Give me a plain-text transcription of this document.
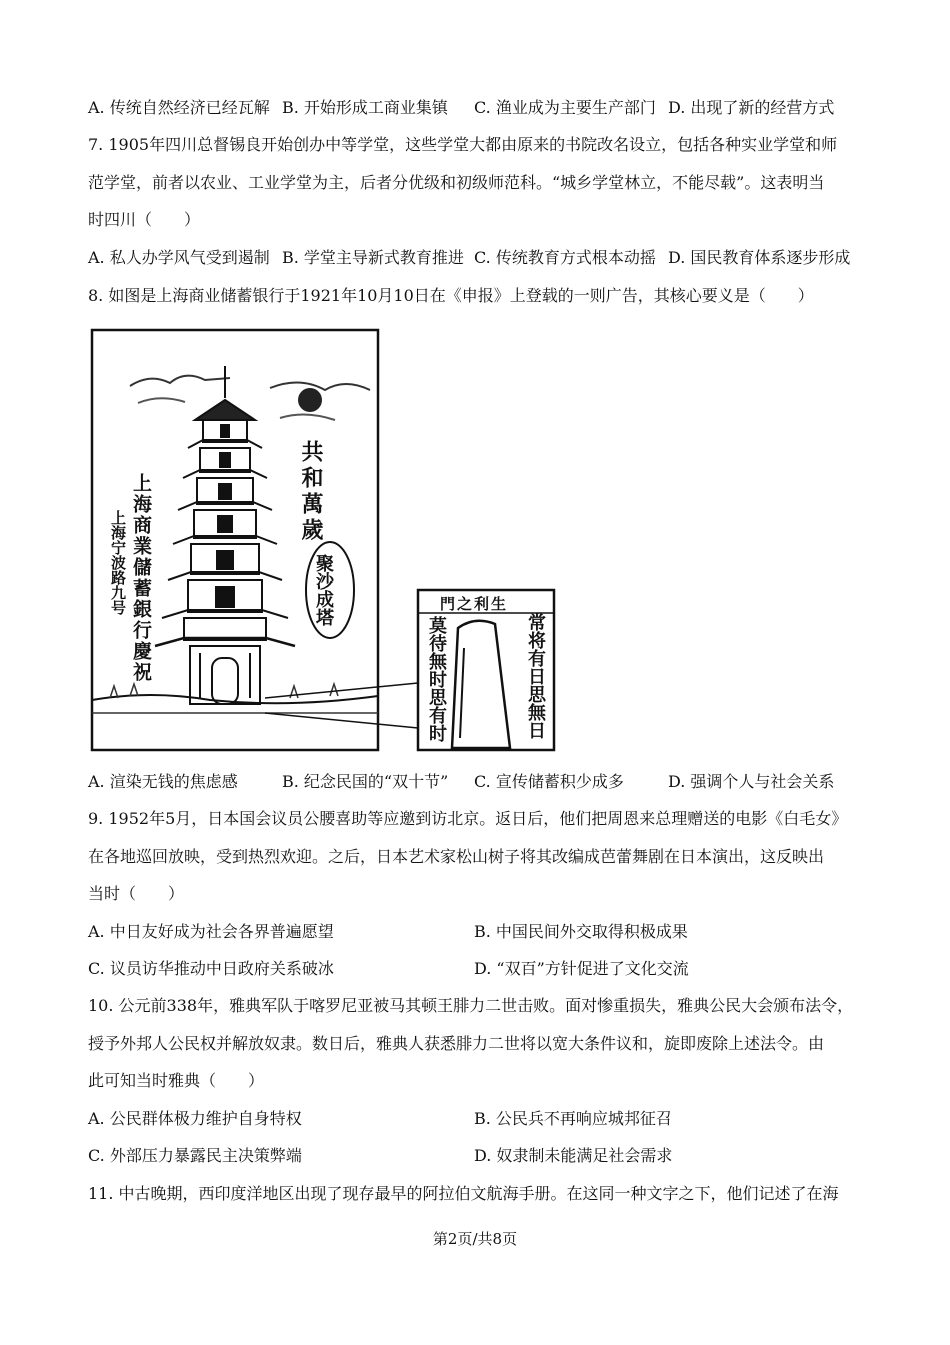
A. 传统自然经济已经瓦解 B. 开始形成工商业集镇 C. 渔业成为主要生产部门 D. 出现了新的经营方式
7. 1905年四川总督锡良开始创办中等学堂，这些学堂大都由原来的书院改名设立，包括各种实业学堂和师
范学堂，前者以农业、工业学堂为主，后者分优级和初级师范科。“城乡学堂林立，不能尽载”。这表明当
时四川（　　）
A. 私人办学风气受到遏制 B. 学堂主导新式教育推进 C. 传统教育方式根本动摇 D. 国民教育体系逐步形成
8. 如图是上海商业储蓄银行于1921年10月10日在《申报》上登载的一则广告，其核心要义是（　　）
上海商業儲蓄銀行慶祝
上海宁波路九号
共和萬歲
聚沙成塔	門之利生
常将有日思無日
莫待無时思有时
A. 渲染无钱的焦虑感	B. 纪念民国的“双十节” C. 宣传储蓄积少成多	D. 强调个人与社会关系
9. 1952年5月，日本国会议员公腰喜助等应邀到访北京。返日后，他们把周恩来总理赠送的电影《白毛女》
在各地巡回放映，受到热烈欢迎。之后，日本艺术家松山树子将其改编成芭蕾舞剧在日本演出，这反映出
当时（　　）
A. 中日友好成为社会各界普遍愿望	B. 中国民间外交取得积极成果
C. 议员访华推动中日政府关系破冰	D. “双百”方针促进了文化交流
10. 公元前338年，雅典军队于喀罗尼亚被马其顿王腓力二世击败。面对惨重损失，雅典公民大会颁布法令，
授予外邦人公民权并解放奴隶。数日后，雅典人获悉腓力二世将以宽大条件议和，旋即废除上述法令。由
此可知当时雅典（　　）
A. 公民群体极力维护自身特权	B. 公民兵不再响应城邦征召
C. 外部压力暴露民主决策弊端	D. 奴隶制未能满足社会需求
11. 中古晚期，西印度洋地区出现了现存最早的阿拉伯文航海手册。在这同一种文字之下，他们记述了在海
第2页/共8页
